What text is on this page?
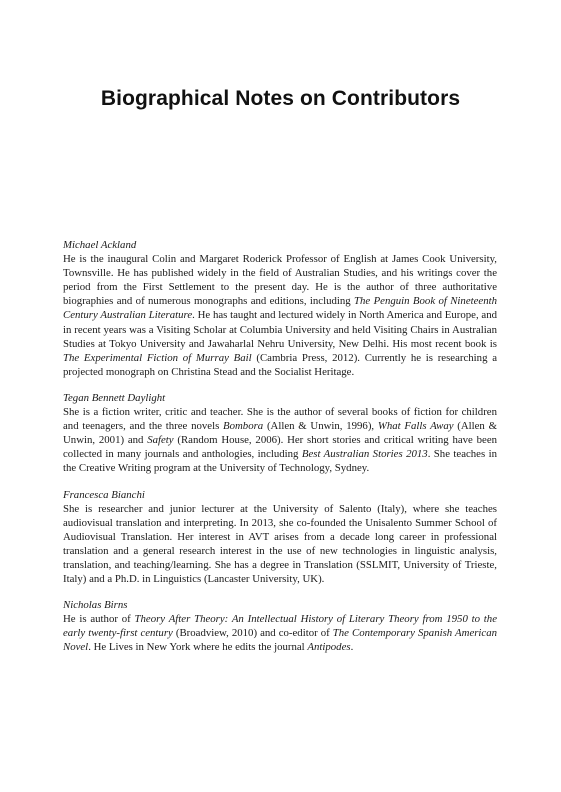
Biographical Notes on Contributors
Michael Ackland

He is the inaugural Colin and Margaret Roderick Professor of English at James Cook University, Townsville. He has published widely in the field of Australian Studies, and his writings cover the period from the First Settlement to the present day. He is the author of three authoritative biographies and of numerous monographs and editions, including The Penguin Book of Nineteenth Century Australian Literature. He has taught and lectured widely in North America and Europe, and in recent years was a Visiting Scholar at Columbia University and held Visiting Chairs in Australian Studies at Tokyo University and Jawaharlal Nehru University, New Delhi. His most recent book is The Experimental Fiction of Murray Bail (Cambria Press, 2012). Currently he is researching a projected monograph on Christina Stead and the Socialist Heritage.

Tegan Bennett Daylight

She is a fiction writer, critic and teacher. She is the author of several books of fiction for children and teenagers, and the three novels Bombora (Allen & Unwin, 1996), What Falls Away (Allen & Unwin, 2001) and Safety (Random House, 2006). Her short stories and critical writing have been collected in many journals and anthologies, including Best Australian Stories 2013. She teaches in the Creative Writing program at the University of Technology, Sydney.

Francesca Bianchi

She is researcher and junior lecturer at the University of Salento (Italy), where she teaches audiovisual translation and interpreting. In 2013, she co-founded the Unisalento Summer School of Audiovisual Translation. Her interest in AVT arises from a decade long career in professional translation and a general research interest in the use of new technologies in linguistic analysis, translation, and teaching/learning. She has a degree in Translation (SSLMIT, University of Trieste, Italy) and a Ph.D. in Linguistics (Lancaster University, UK).

Nicholas Birns

He is author of Theory After Theory: An Intellectual History of Literary Theory from 1950 to the early twenty-first century (Broadview, 2010) and co-editor of The Contemporary Spanish American Novel. He Lives in New York where he edits the journal Antipodes.
